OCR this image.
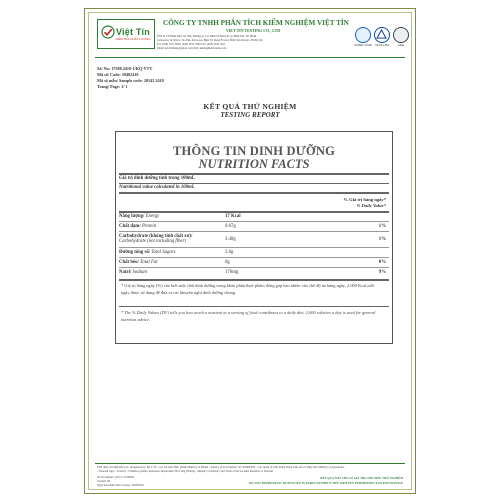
Việt Tín
KIỂM TRA CHẤT LƯỢNG
CÔNG TY TNHH PHÂN TÍCH KIỂM NGHIỆM VIỆT TÍN
VIET TIN TESTING CO., LTD
PTN & VP Nhận mẫu: Số 38A, Đường số 4, P. Bình Trị Đông B, Q. Bình Tân, TP. HCM
Laboratory & Office: No.38A, 4th street, Binh Tri Dong B ward, Binh Tan District, HCM City
Tel: (028) 3911 8058, (028) 3812 7900 Fax: (028) 3810 3811
Email: kdvtrinhlab@gmail.com Web: kiemnghiemviettin.com
ISO/IEC 17025	VILAS 1263	Halal
Số/ No: 17588.2410-1/KQ-VTT
Mã số/ Code: 58402410
Mã số mẫu/ Sample code: 20145 2410
Trang/ Page: 1/ 1
KẾT QUẢ THỬ NGHIỆM
TESTING REPORT
THÔNG TIN DINH DƯỠNG
NUTRITION FACTS
Giá trị dinh dưỡng tính trong 100mL
Nutritional value calculated in 100mL
% Giá trị hàng ngày*
% Daily Value*
Năng lượng/ Energy	17 Kcal
Chất đạm/ Protein	0.67g	1%
Carbohydrate (không tính chất xơ)/
Carbohydrate (not including fiber)	3.48g	1%
Đường tổng số/ Total Sugars	2.6g
Chất béo/ Total Fat	0g	0%
Natri/ Sodium	176mg	9%
* Giá trị hàng ngày (%) cho biết một chất dinh dưỡng trong khẩu phần thực phẩm đóng góp bao nhiêu vào chế độ ăn hàng ngày. 2.000 Kcal mỗi ngày được sử dụng để đưa ra các khuyến nghị dinh dưỡng chung.
* The % Daily Values (DV) tells you how much a nutrient in a serving of food contributes to a daily diet. 2,000 calories a day is used for general nutrition advice.
PTN được chỉ định bởi/ Lab. designated by: Bộ Y Tế - Cục An toàn Thực phẩm/ Ministry of Health - Agency of Food Safety; Số: NN&PTNT - Cục Quản lý Chất lượng Nông Lâm sản và Thủy sản/ Ministry of Agriculture
- National Agro - Forestry - Fisheries Quality Assurance Department; Bộ Công Thương - Ministry of Industry and Trade of the Socialist Republic of Vietnam
Số/ Document: QT/CL-13/00005
Version: 09
Ngày ban hành/ Date of issue: 18/08/2021
KẾT QUẢ NÀY CHỈ CÓ GIÁ TRỊ CHO MẪU THỬ NGHIỆM
DO NOT REPRODUCE/ DUPLICATE IN PARTS WITHOUT THE WRITTEN PERMISSION AND KNOWLEDGE
